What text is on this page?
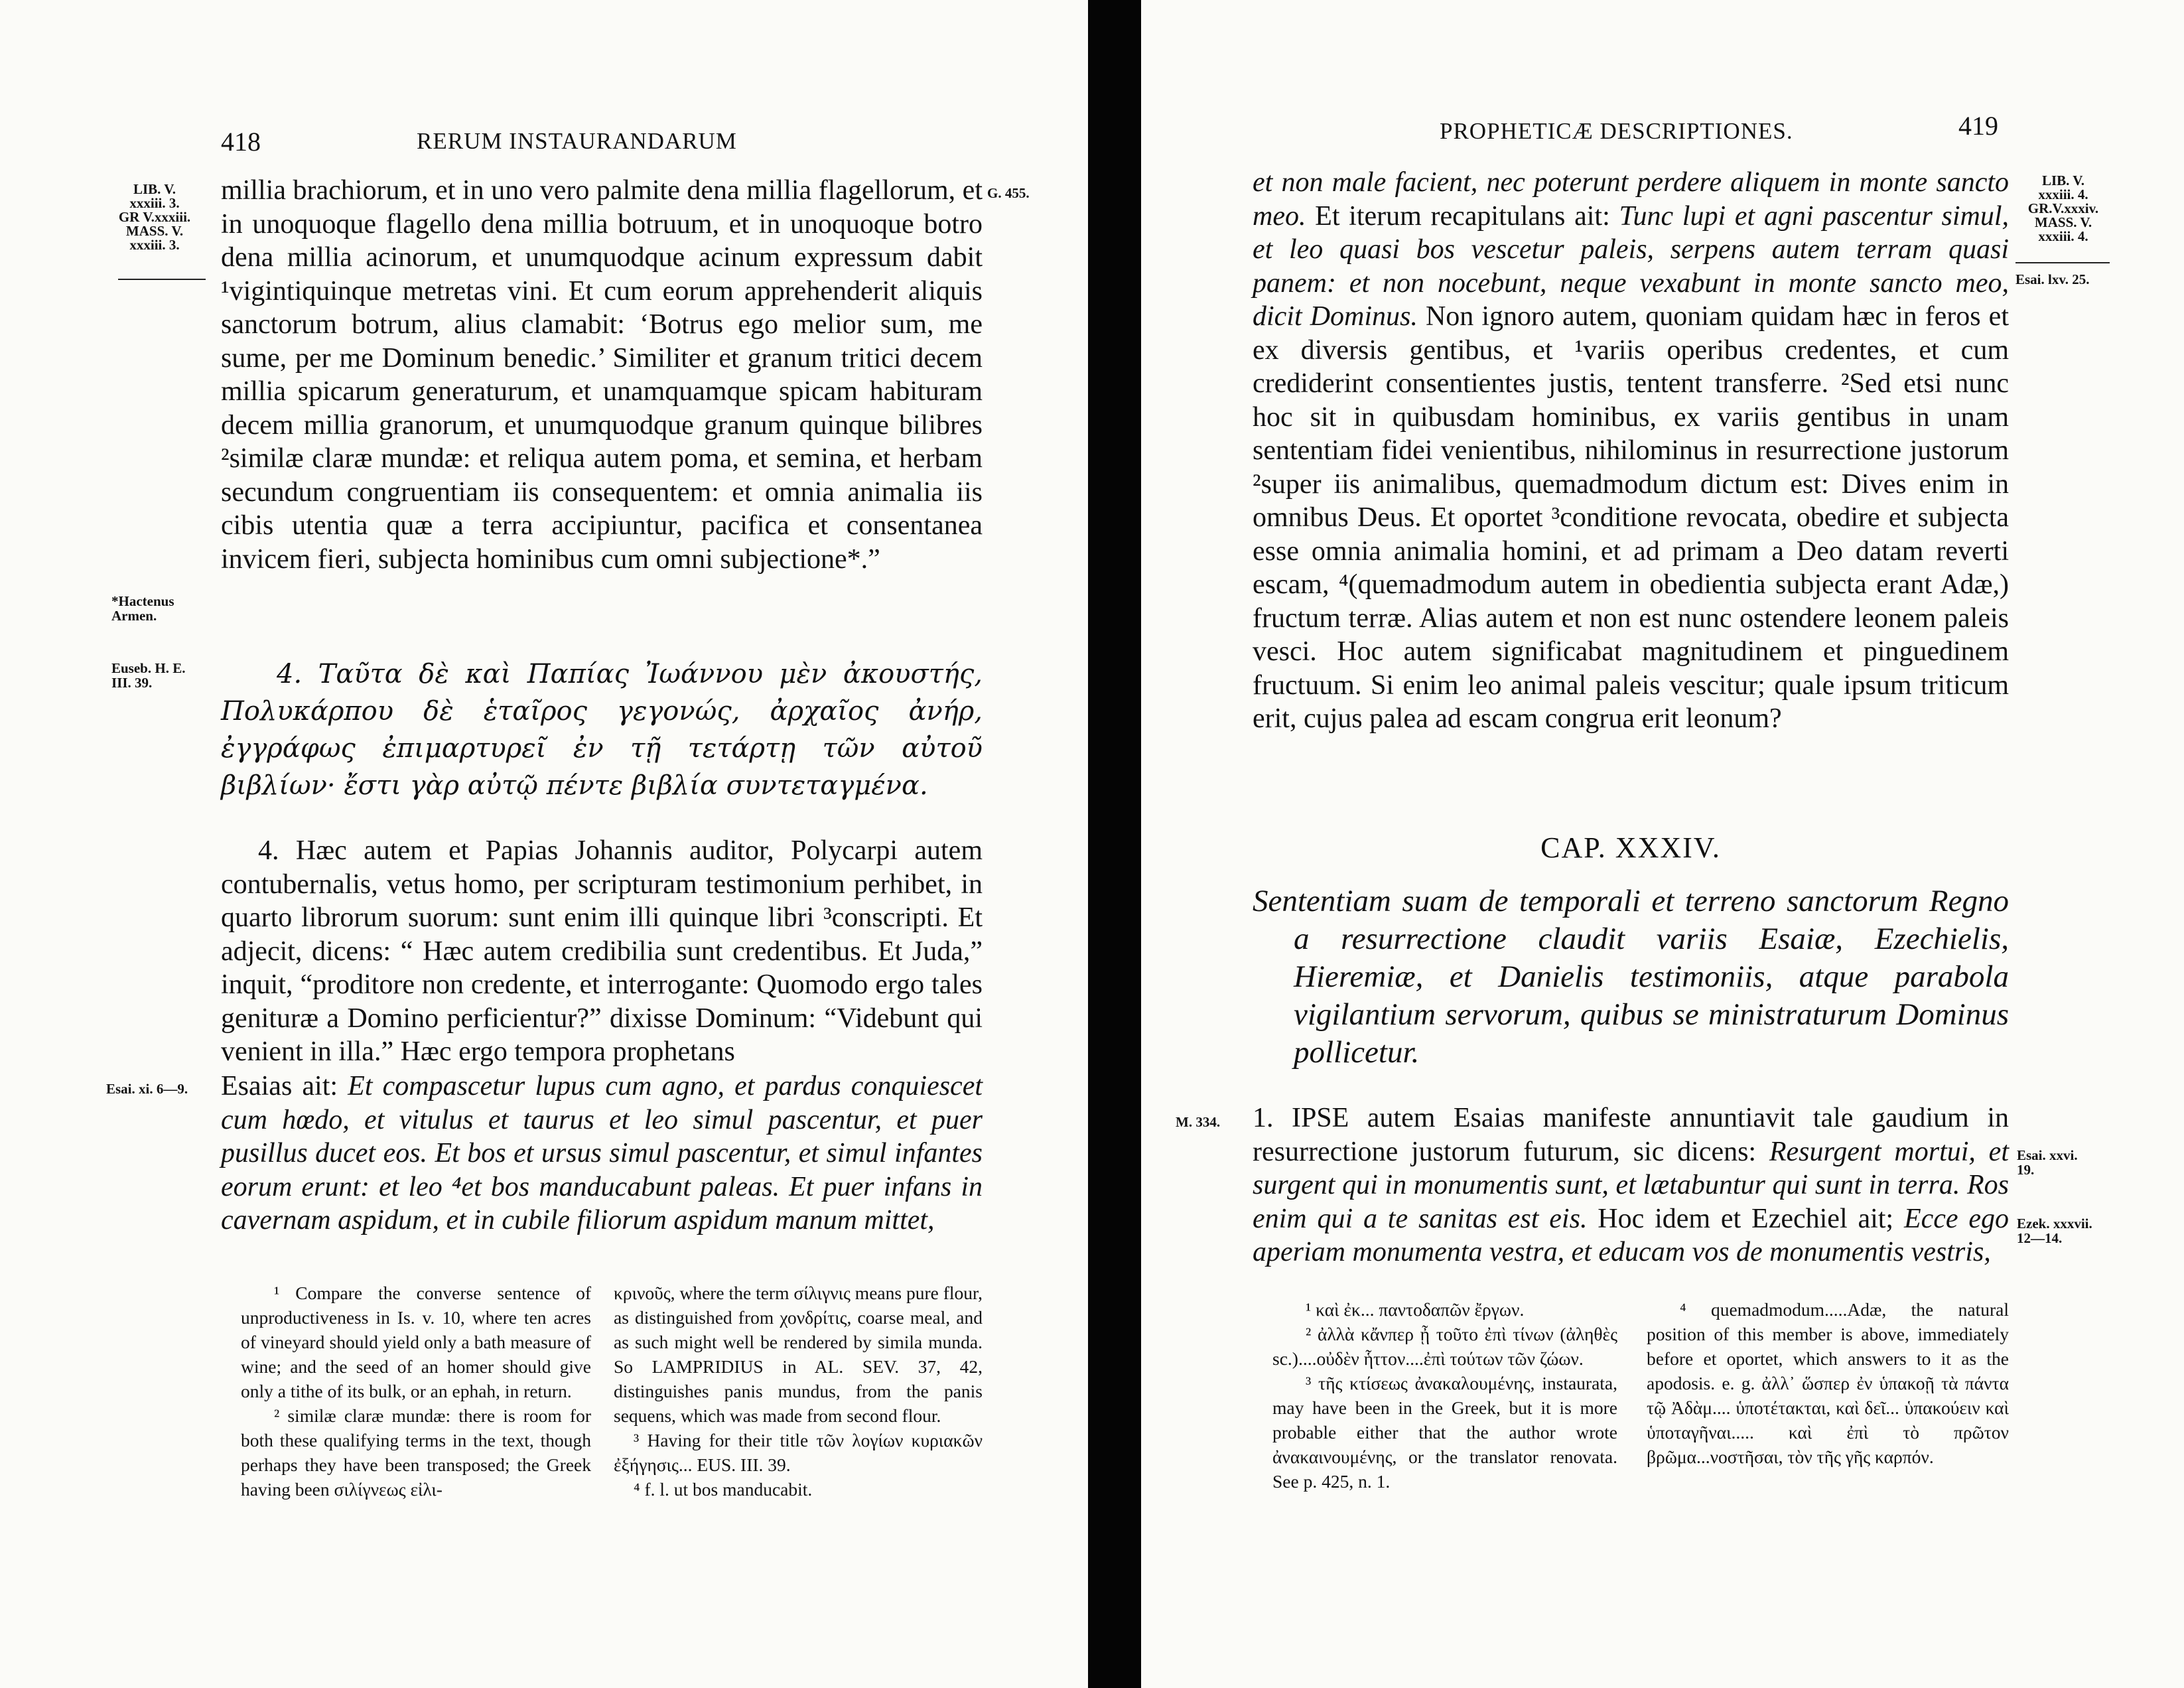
418	RERUM INSTAURANDARUM
LIB. V.
xxxiii. 3.
GR V.xxxiii.
MASS. V.
xxxiii. 3.
G. 455.

millia brachiorum, et in uno vero palmite dena millia flagellorum, et in unoquoque flagello dena millia botruum, et in unoquoque botro dena millia acinorum, et unumquodque acinum expressum dabit ¹vigintiquinque metretas vini. Et cum eorum apprehenderit aliquis sanctorum botrum, alius clamabit: ‘Botrus ego melior sum, me sume, per me Dominum benedic.’ Similiter et granum tritici decem millia spicarum generaturum, et unamquamque spicam habituram decem millia granorum, et unumquodque granum quinque bilibres ²similæ claræ mundæ: et reliqua autem poma, et semina, et herbam secundum congruentiam iis consequentem: et omnia animalia iis cibis utentia quæ a terra accipiuntur, pacifica et consentanea invicem fieri, subjecta hominibus cum omni subjectione*.”

*Hactenus
Armen.
Euseb. H. E.
III. 39.	4. Ταῦτα δὲ καὶ Παπίας Ἰωάννου μὲν ἀκουστής, Πολυκάρπου δὲ ἑταῖρος γεγονώς, ἀρχαῖος ἀνήρ, ἐγγράφως ἐπιμαρτυρεῖ ἐν τῇ τετάρτῃ τῶν αὐτοῦ βιβλίων· ἔστι γὰρ αὐτῷ πέντε βιβλία συντεταγμένα.
4. Hæc autem et Papias Johannis auditor, Polycarpi autem contubernalis, vetus homo, per scripturam testimonium perhibet, in quarto librorum suorum: sunt enim illi quinque libri ³conscripti. Et adjecit, dicens: “ Hæc autem credibilia sunt credentibus. Et Juda,” inquit, “proditore non credente, et interrogante: Quomodo ergo tales genituræ a Domino perficientur?” dixisse Dominum: “Videbunt qui venient in illa.” Hæc ergo tempora prophetans
Esai. xi. 6—9. Esaias ait: Et compascetur lupus cum agno, et pardus conquiescet cum hœdo, et vitulus et taurus et leo simul pascentur, et puer pusillus ducet eos. Et bos et ursus simul pascentur, et simul infantes eorum erunt: et leo ⁴et bos manducabunt paleas. Et puer infans in cavernam aspidum, et in cubile filiorum aspidum manum mittet,

¹ Compare the converse sentence of unproductiveness in Is. v. 10, where ten acres of vineyard should yield only a bath measure of wine; and the seed of an homer should give only a tithe of its bulk, or an ephah, in return.

² similæ claræ mundæ: there is room for both these qualifying terms in the text, though perhaps they have been transposed; the Greek having been σιλίγνεως εἰλι-

κρινοῦς, where the term σίλιγνις means pure flour, as distinguished from χονδρίτις, coarse meal, and as such might well be rendered by simila munda. So LAMPRIDIUS in AL. SEV. 37, 42, distinguishes panis mundus, from the panis sequens, which was made from second flour.

³ Having for their title τῶν λογίων κυριακῶν ἐξήγησις... EUS. III. 39.

⁴ f. l. ut bos manducabit.

PROPHETICÆ DESCRIPTIONES.	419
LIB. V.
xxxiii. 4.
GR.V.xxxiv.
MASS. V.
xxxiii. 4.
Esai. lxv. 25.

et non male facient, nec poterunt perdere aliquem in monte sancto meo. Et iterum recapitulans ait: Tunc lupi et agni pascentur simul, et leo quasi bos vescetur paleis, serpens autem terram quasi panem: et non nocebunt, neque vexabunt in monte sancto meo, dicit Dominus. Non ignoro autem, quoniam quidam hæc in feros et ex diversis gentibus, et ¹variis operibus credentes, et cum crediderint consentientes justis, tentent transferre. ²Sed etsi nunc hoc sit in quibusdam hominibus, ex variis gentibus in unam sententiam fidei venientibus, nihilominus in resurrectione justorum ²super iis animalibus, quemadmodum dictum est: Dives enim in omnibus Deus. Et oportet ³conditione revocata, obedire et subjecta esse omnia animalia homini, et ad primam a Deo datam reverti escam, ⁴(quemadmodum autem in obedientia subjecta erant Adæ,) fructum terræ. Alias autem et non est nunc ostendere leonem paleis vesci. Hoc autem significabat magnitudinem et pinguedinem fructuum. Si enim leo animal paleis vescitur; quale ipsum triticum erit, cujus palea ad escam congrua erit leonum?

CAP. XXXIV.
Sententiam suam de temporali et terreno sanctorum Regno a resurrectione claudit variis Esaiæ, Ezechielis, Hieremiæ, et Danielis testimoniis, atque parabola vigilantium servorum, quibus se ministraturum Dominus pollicetur.
M. 334.
Esai. xxvi.
19.
Ezek. xxxvii.
12—14.

1. IPSE autem Esaias manifeste annuntiavit tale gaudium in resurrectione justorum futurum, sic dicens: Resurgent mortui, et surgent qui in monumentis sunt, et lætabuntur qui sunt in terra. Ros enim qui a te sanitas est eis. Hoc idem et Ezechiel ait; Ecce ego aperiam monumenta vestra, et educam vos de monumentis vestris,

¹ καὶ ἐκ... παντοδαπῶν ἔργων.

² ἀλλὰ κἄνπερ ᾖ τοῦτο ἐπὶ τίνων (ἀληθὲς sc.)....οὐδὲν ἧττον....ἐπὶ τούτων τῶν ζώων.

³ τῆς κτίσεως ἀνακαλουμένης, instaurata, may have been in the Greek, but it is more probable either that the author wrote ἀνακαινουμένης, or the translator renovata. See p. 425, n. 1.

⁴ quemadmodum.....Adæ, the natural position of this member is above, immediately before et oportet, which answers to it as the apodosis. e. g. ἀλλ᾽ ὥσπερ ἐν ὑπακοῇ τὰ πάντα τῷ Ἀδὰμ.... ὑποτέτακται, καὶ δεῖ... ὑπακούειν καὶ ὑποταγῆναι..... καὶ ἐπὶ τὸ πρῶτον βρῶμα...νοστῆσαι, τὸν τῆς γῆς καρπόν.
